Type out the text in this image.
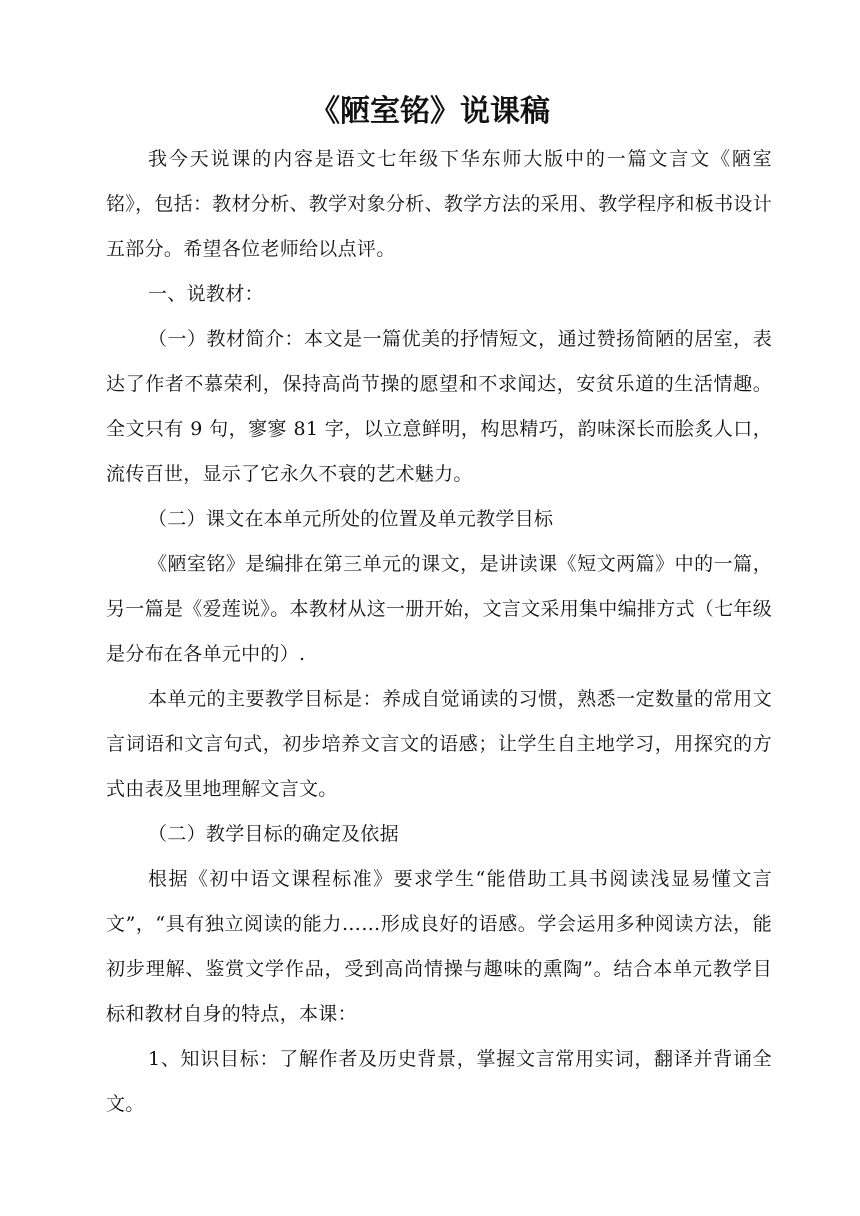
《陋室铭》说课稿

我今天说课的内容是语文七年级下华东师大版中的一篇文言文《陋室铭》，包括：教材分析、教学对象分析、教学方法的采用、教学程序和板书设计五部分。希望各位老师给以点评。

一、说教材：

（一）教材简介：本文是一篇优美的抒情短文，通过赞扬简陋的居室，表达了作者不慕荣利，保持高尚节操的愿望和不求闻达，安贫乐道的生活情趣。全文只有 9 句，寥寥 81 字，以立意鲜明，构思精巧，韵味深长而脍炙人口，流传百世，显示了它永久不衰的艺术魅力。

（二）课文在本单元所处的位置及单元教学目标

《陋室铭》是编排在第三单元的课文，是讲读课《短文两篇》中的一篇，另一篇是《爱莲说》。本教材从这一册开始，文言文采用集中编排方式（七年级是分布在各单元中的）.

本单元的主要教学目标是：养成自觉诵读的习惯，熟悉一定数量的常用文言词语和文言句式，初步培养文言文的语感；让学生自主地学习，用探究的方式由表及里地理解文言文。

（二）教学目标的确定及依据

根据《初中语文课程标准》要求学生“能借助工具书阅读浅显易懂文言文”，“具有独立阅读的能力……形成良好的语感。学会运用多种阅读方法，能初步理解、鉴赏文学作品，受到高尚情操与趣味的熏陶”。结合本单元教学目标和教材自身的特点，本课：

1、知识目标：了解作者及历史背景，掌握文言常用实词，翻译并背诵全文。
